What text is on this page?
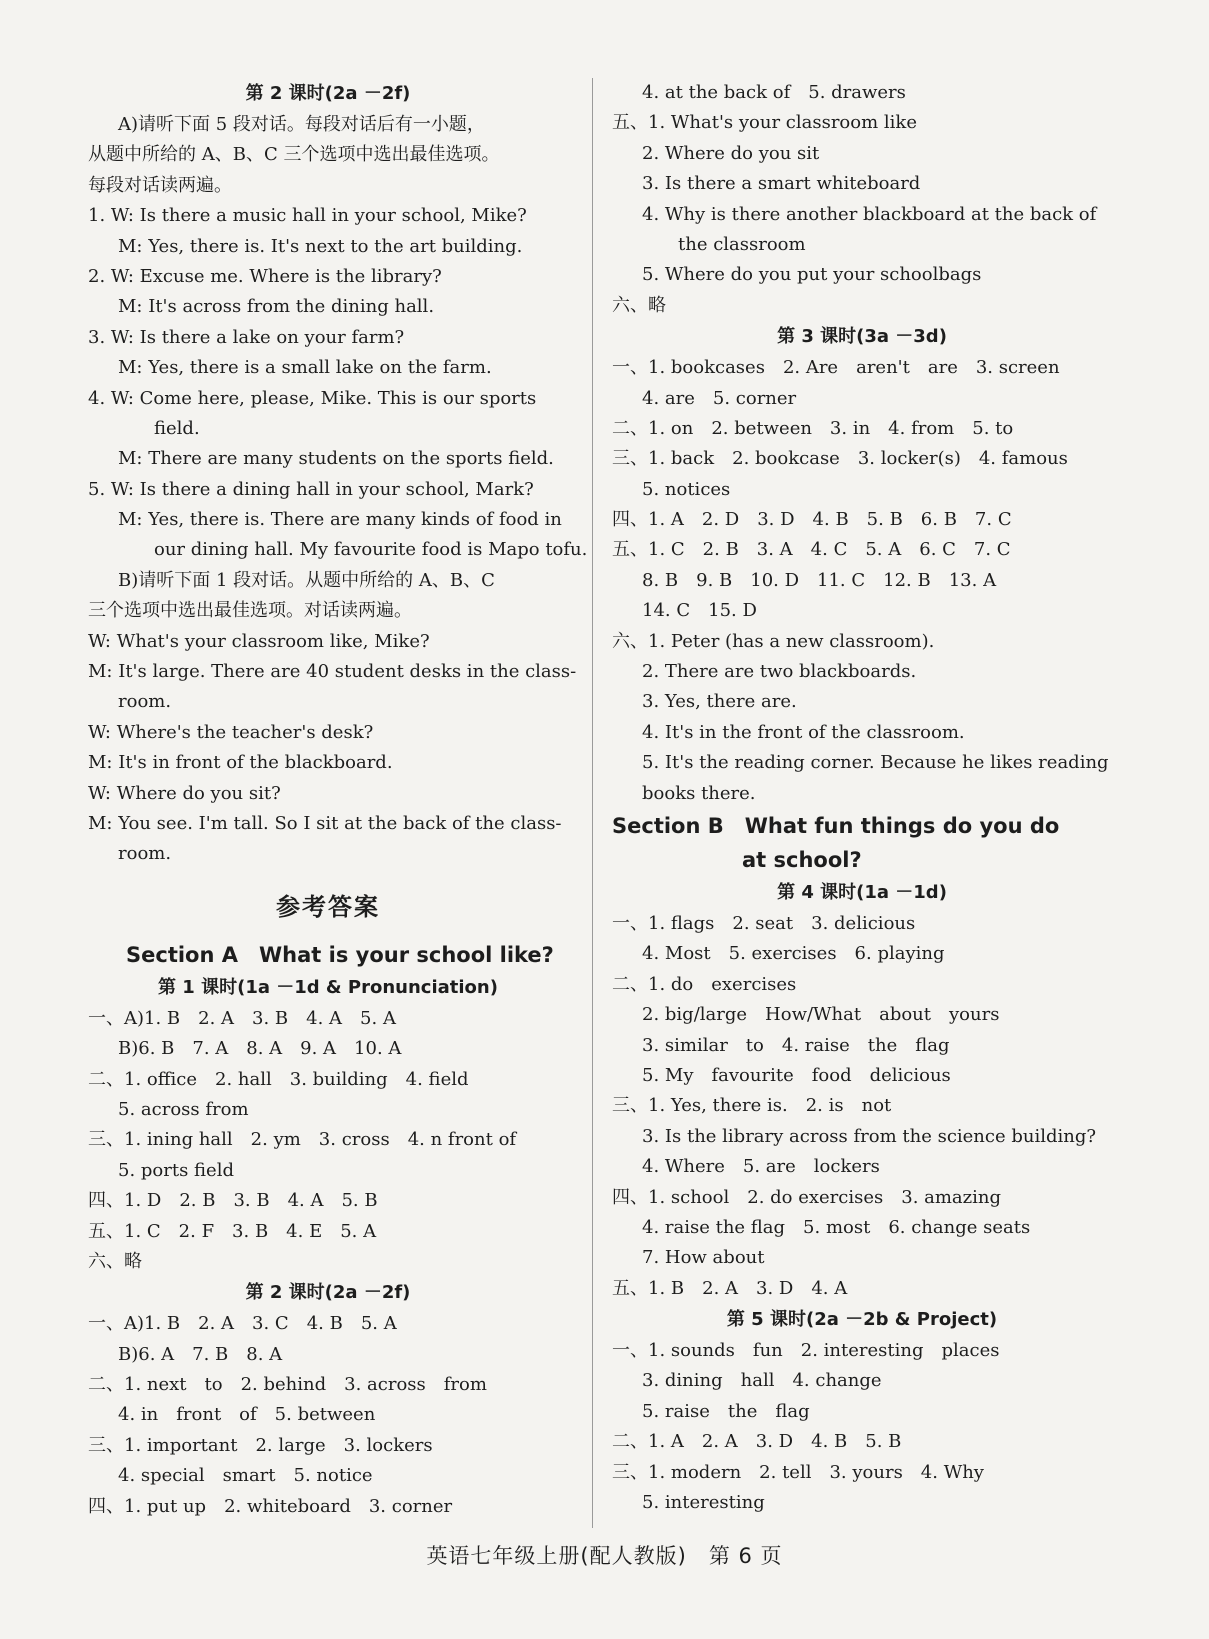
第 2 课时(2a －2f)
A)请听下面 5 段对话。每段对话后有一小题，
从题中所给的 A、B、C 三个选项中选出最佳选项。
每段对话读两遍。
1. W: Is there a music hall in your school, Mike?
M: Yes, there is. It's next to the art building.
2. W: Excuse me. Where is the library?
M: It's across from the dining hall.
3. W: Is there a lake on your farm?
M: Yes, there is a small lake on the farm.
4. W: Come here, please, Mike. This is our sports
field.
M: There are many students on the sports field.
5. W: Is there a dining hall in your school, Mark?
M: Yes, there is. There are many kinds of food in
our dining hall. My favourite food is Mapo tofu.
B)请听下面 1 段对话。从题中所给的 A、B、C
三个选项中选出最佳选项。对话读两遍。
W: What's your classroom like, Mike?
M: It's large. There are 40 student desks in the class-
room.
W: Where's the teacher's desk?
M: It's in front of the blackboard.
W: Where do you sit?
M: You see. I'm tall. So I sit at the back of the class-
room.
参考答案
Section A　What is your school like?
第 1 课时(1a －1d & Pronunciation)
一、A)1. B　2. A　3. B　4. A　5. A
B)6. B　7. A　8. A　9. A　10. A
二、1. office　2. hall　3. building　4. field
5. across from
三、1. ining hall　2. ym　3. cross　4. n front of
5. ports field
四、1. D　2. B　3. B　4. A　5. B
五、1. C　2. F　3. B　4. E　5. A
六、略
第 2 课时(2a －2f)
一、A)1. B　2. A　3. C　4. B　5. A
B)6. A　7. B　8. A
二、1. next　to　2. behind　3. across　from
4. in　front　of　5. between
三、1. important　2. large　3. lockers
4. special　smart　5. notice
四、1. put up　2. whiteboard　3. corner
4. at the back of　5. drawers
五、1. What's your classroom like
2. Where do you sit
3. Is there a smart whiteboard
4. Why is there another blackboard at the back of
the classroom
5. Where do you put your schoolbags
六、略
第 3 课时(3a －3d)
一、1. bookcases　2. Are　aren't　are　3. screen
4. are　5. corner
二、1. on　2. between　3. in　4. from　5. to
三、1. back　2. bookcase　3. locker(s)　4. famous
5. notices
四、1. A　2. D　3. D　4. B　5. B　6. B　7. C
五、1. C　2. B　3. A　4. C　5. A　6. C　7. C
8. B　9. B　10. D　11. C　12. B　13. A
14. C　15. D
六、1. Peter (has a new classroom).
2. There are two blackboards.
3. Yes, there are.
4. It's in the front of the classroom.
5. It's the reading corner. Because he likes reading
books there.
Section B　What fun things do you do
at school?
第 4 课时(1a －1d)
一、1. flags　2. seat　3. delicious
4. Most　5. exercises　6. playing
二、1. do　exercises
2. big/large　How/What　about　yours
3. similar　to　4. raise　the　flag
5. My　favourite　food　delicious
三、1. Yes, there is.　2. is　not
3. Is the library across from the science building?
4. Where　5. are　lockers
四、1. school　2. do exercises　3. amazing
4. raise the flag　5. most　6. change seats
7. How about
五、1. B　2. A　3. D　4. A
第 5 课时(2a －2b & Project)
一、1. sounds　fun　2. interesting　places
3. dining　hall　4. change
5. raise　the　flag
二、1. A　2. A　3. D　4. B　5. B
三、1. modern　2. tell　3. yours　4. Why
5. interesting
英语七年级上册(配人教版)　第 6 页
